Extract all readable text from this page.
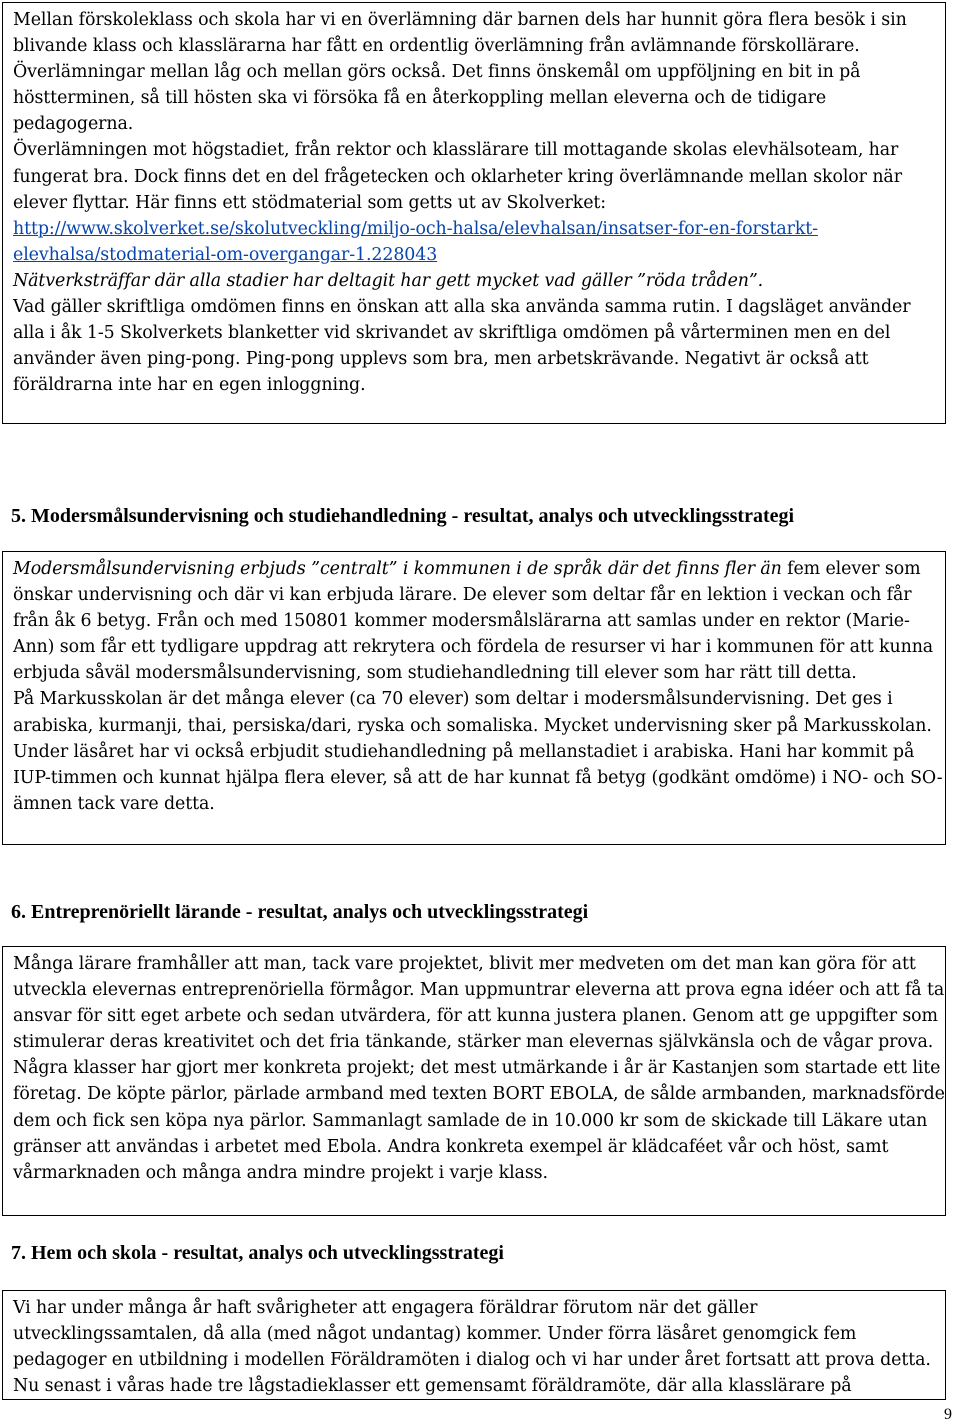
Mellan förskoleklass och skola har vi en överlämning där barnen dels har hunnit göra flera besök i sin blivande klass och klasslärarna har fått en ordentlig överlämning från avlämnande förskollärare. Överlämningar mellan låg och mellan görs också. Det finns önskemål om uppföljning en bit in på höstterminen, så till hösten ska vi försöka få en återkoppling mellan eleverna och de tidigare pedagogerna.

Överlämningen mot högstadiet, från rektor och klasslärare till mottagande skolas elevhälsoteam, har fungerat bra. Dock finns det en del frågetecken och oklarheter kring överlämnande mellan skolor när elever flyttar. Här finns ett stödmaterial som getts ut av Skolverket:

http://www.skolverket.se/skolutveckling/miljo-och-halsa/elevhalsan/insatser-for-en-forstarkt-elevhalsa/stodmaterial-om-overgangar-1.228043

Nätverksträffar där alla stadier har deltagit har gett mycket vad gäller ”röda tråden”.

Vad gäller skriftliga omdömen finns en önskan att alla ska använda samma rutin. I dagsläget använder alla i åk 1-5 Skolverkets blanketter vid skrivandet av skriftliga omdömen på vårterminen men en del använder även ping-pong. Ping-pong upplevs som bra, men arbetskrävande. Negativt är också att föräldrarna inte har en egen inloggning.

5. Modersmålsundervisning och studiehandledning - resultat, analys och utvecklingsstrategi

Modersmålsundervisning erbjuds ”centralt” i kommunen i de språk där det finns fler än fem elever som önskar undervisning och där vi kan erbjuda lärare. De elever som deltar får en lektion i veckan och får från åk 6 betyg. Från och med 150801 kommer modersmålslärarna att samlas under en rektor (Marie-Ann) som får ett tydligare uppdrag att rekrytera och fördela de resurser vi har i kommunen för att kunna erbjuda såväl modersmålsundervisning, som studiehandledning till elever som har rätt till detta.

På Markusskolan är det många elever (ca 70 elever) som deltar i modersmålsundervisning. Det ges i arabiska, kurmanji, thai, persiska/dari, ryska och somaliska. Mycket undervisning sker på Markusskolan. Under läsåret har vi också erbjudit studiehandledning på mellanstadiet i arabiska. Hani har kommit på IUP-timmen och kunnat hjälpa flera elever, så att de har kunnat få betyg (godkänt omdöme) i NO- och SO-ämnen tack vare detta.

6. Entreprenöriellt lärande - resultat, analys och utvecklingsstrategi

Många lärare framhåller att man, tack vare projektet, blivit mer medveten om det man kan göra för att utveckla elevernas entreprenöriella förmågor. Man uppmuntrar eleverna att prova egna idéer och att få ta ansvar för sitt eget arbete och sedan utvärdera, för att kunna justera planen. Genom att ge uppgifter som stimulerar deras kreativitet och det fria tänkande, stärker man elevernas självkänsla och de vågar prova.

Några klasser har gjort mer konkreta projekt; det mest utmärkande i år är Kastanjen som startade ett lite företag. De köpte pärlor, pärlade armband med texten BORT EBOLA, de sålde armbanden, marknadsförde dem och fick sen köpa nya pärlor. Sammanlagt samlade de in 10.000 kr som de skickade till Läkare utan gränser att användas i arbetet med Ebola. Andra konkreta exempel är klädcaféet vår och höst, samt vårmarknaden och många andra mindre projekt i varje klass.

7. Hem och skola - resultat, analys och utvecklingsstrategi

Vi har under många år haft svårigheter att engagera föräldrar förutom när det gäller utvecklingssamtalen, då alla (med något undantag) kommer. Under förra läsåret genomgick fem pedagoger en utbildning i modellen Föräldramöten i dialog och vi har under året fortsatt att prova detta. Nu senast i våras hade tre lågstadieklasser ett gemensamt föräldramöte, där alla klasslärare på

9
